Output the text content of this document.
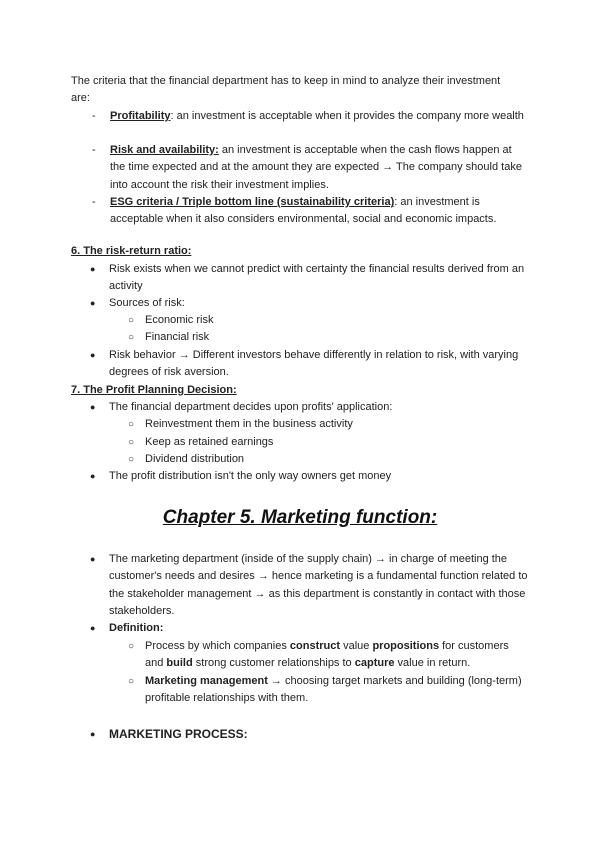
The criteria that the financial department has to keep in mind to analyze their investment
are:
- Profitability: an investment is acceptable when it provides the company more wealth
- Risk and availability: an investment is acceptable when the cash flows happen at the time expected and at the amount they are expected → The company should take into account the risk their investment implies.
- ESG criteria / Triple bottom line (sustainability criteria): an investment is acceptable when it also considers environmental, social and economic impacts.
6. The risk-return ratio:
● Risk exists when we cannot predict with certainty the financial results derived from an activity
● Sources of risk:
○ Economic risk
○ Financial risk
● Risk behavior → Different investors behave differently in relation to risk, with varying degrees of risk aversion.
7. The Profit Planning Decision:
● The financial department decides upon profits' application:
○ Reinvestment them in the business activity
○ Keep as retained earnings
○ Dividend distribution
● The profit distribution isn't the only way owners get money
Chapter 5. Marketing function:
● The marketing department (inside of the supply chain) → in charge of meeting the customer's needs and desires → hence marketing is a fundamental function related to the stakeholder management → as this department is constantly in contact with those stakeholders.
● Definition:
○ Process by which companies construct value propositions for customers and build strong customer relationships to capture value in return.
○ Marketing management → choosing target markets and building (long-term) profitable relationships with them.
● MARKETING PROCESS:
